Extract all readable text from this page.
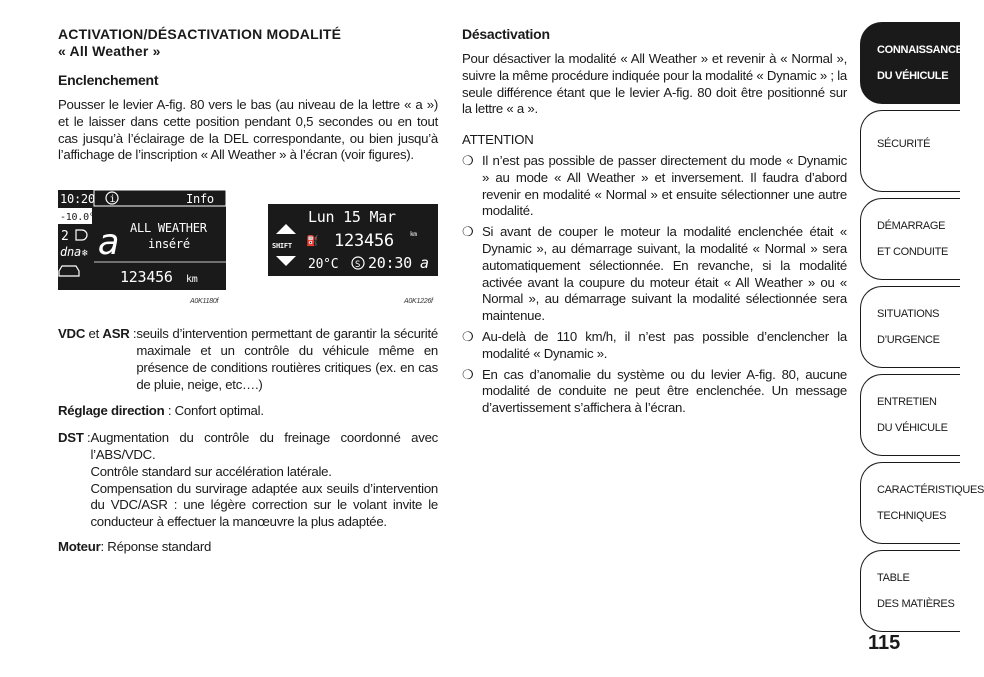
ACTIVATION/DÉSACTIVATION MODALITÉ
« All Weather »
Enclenchement

Pousser le levier A-fig. 80 vers le bas (au niveau de la lettre « a ») et le laisser dans cette position pendant 0,5 secondes ou en tout cas jusqu’à l’éclairage de la DEL correspondante, ou bien jusqu’à l’affichage de l’inscription « All Weather » à l’écran (voir figures).

10:20 i	Info
-10.0°C
2
dna ❄ a ALL WEATHER
inséré
123456 km
A0K1180f
SHIFT
Lun 15 Mar
⛽ 123456	km
20°C S 20:30 a
A0K1226f
VDC et ASR : seuils d’intervention permettant de garantir la sécurité maximale et un contrôle du véhicule même en présence de conditions routières critiques (ex. en cas de pluie, neige, etc….)
Réglage direction : Confort optimal.
DST : Augmentation du contrôle du freinage coordonné avec l’ABS/VDC.
Contrôle standard sur accélération latérale.
Compensation du survirage adaptée aux seuils d’intervention du VDC/ASR : une légère correction sur le volant invite le conducteur à effectuer la manœuvre la plus adaptée.
Moteur: Réponse standard
Désactivation

Pour désactiver la modalité « All Weather » et revenir à « Normal », suivre la même procédure indiquée pour la modalité « Dynamic » ; la seule différence étant que le levier A-fig. 80 doit être positionné sur la lettre « a ».

ATTENTION
❍ Il n’est pas possible de passer directement du mode « Dynamic » au mode « All Weather » et inversement. Il faudra d’abord revenir en modalité « Normal » et ensuite sélectionner une autre modalité.
❍ Si avant de couper le moteur la modalité enclenchée était « Dynamic », au démarrage suivant, la modalité « Normal » sera automatiquement sélectionnée. En revanche, si la modalité activée avant la coupure du moteur était « All Weather » ou « Normal », au démarrage suivant la modalité sélectionnée sera maintenue.
❍ Au-delà de 110 km/h, il n’est pas possible d’enclencher la modalité « Dynamic ».
❍ En cas d’anomalie du système ou du levier A-fig. 80, aucune modalité de conduite ne peut être enclenchée. Un message d’avertissement s’affichera à l’écran.
CONNAISSANCE

DU VÉHICULE
SÉCURITÉ

DÉMARRAGE

ET CONDUITE
SITUATIONS

D’URGENCE
ENTRETIEN

DU VÉHICULE
CARACTÉRISTIQUES

TECHNIQUES
TABLE

DES MATIÈRES
115
